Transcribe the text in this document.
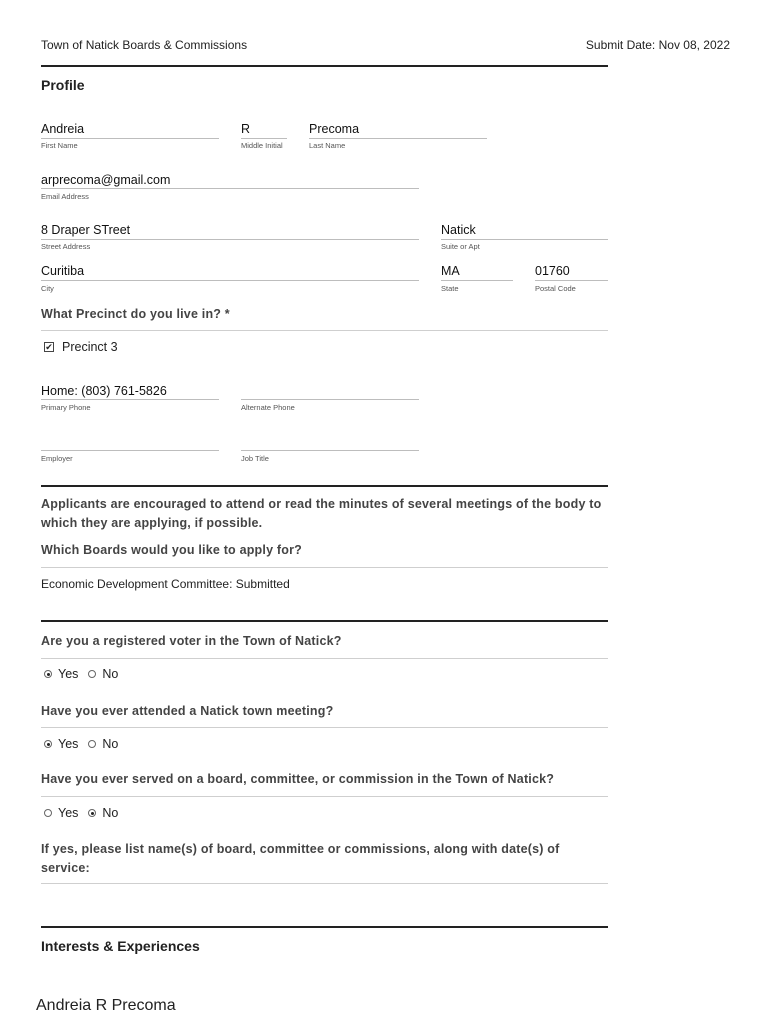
Town of Natick Boards & Commissions	Submit Date: Nov 08, 2022
Profile
Andreia
First Name
R
Middle Initial
Precoma
Last Name
arprecoma@gmail.com
Email Address
8 Draper STreet
Street Address
Natick
Suite or Apt
Curitiba
City
MA
State
01760
Postal Code
What Precinct do you live in? *
✔ Precinct 3
Home: (803) 761-5826
Primary Phone	Alternate Phone
Employer	Job Title
Applicants are encouraged to attend or read the minutes of several meetings of the body to which they are applying, if possible.
Which Boards would you like to apply for?
Economic Development Committee: Submitted
Are you a registered voter in the Town of Natick?
Yes No
Have you ever attended a Natick town meeting?
Yes No
Have you ever served on a board, committee, or commission in the Town of Natick?
Yes No
If yes, please list name(s) of board, committee or commissions, along with date(s) of service:
Interests & Experiences
Andreia R Precoma
